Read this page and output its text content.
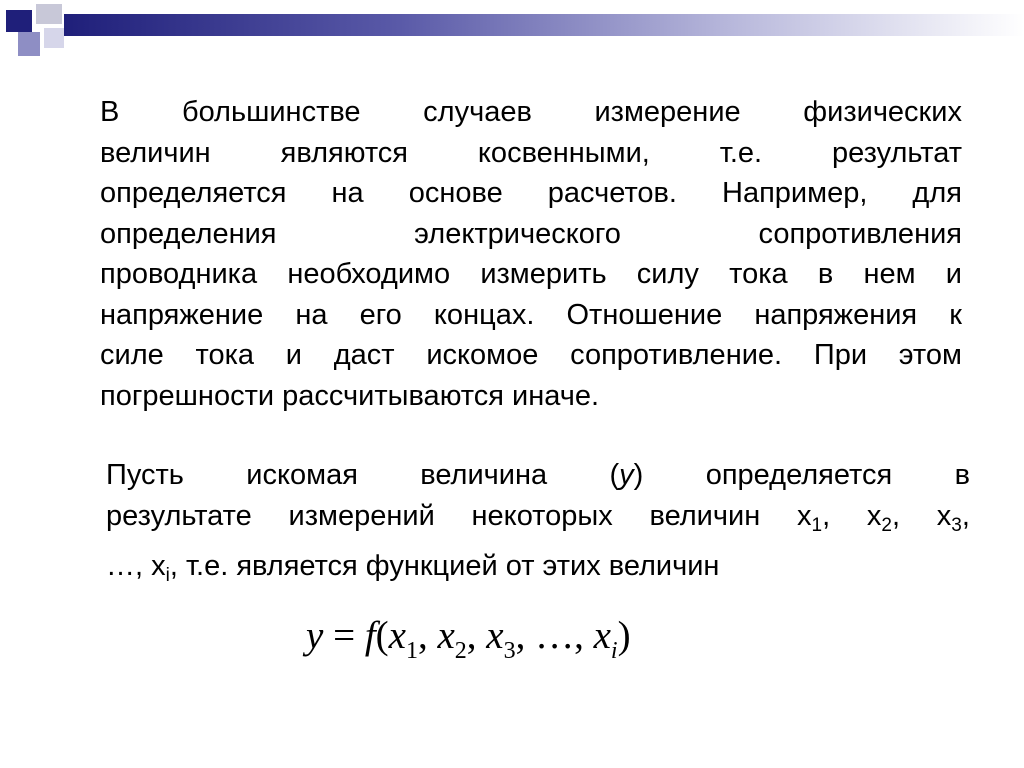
В большинстве случаев измерение физических
величин являются косвенными, т.е. результат
определяется на основе расчетов. Например, для
определения	электрического	сопротивления
проводника необходимо измерить силу тока в нем и
напряжение на его концах. Отношение напряжения к
силе тока и даст искомое сопротивление. При этом
погрешности рассчитываются иначе.
Пусть искомая величина (y) определяется в
результате измерений некоторых величин $x_1$, $x_2$, $x_3$,
…, $x_i$, т.е. является функцией от этих величин
$y = f(x_1$, $x_2$, $x_3$, …, $x_i$)
